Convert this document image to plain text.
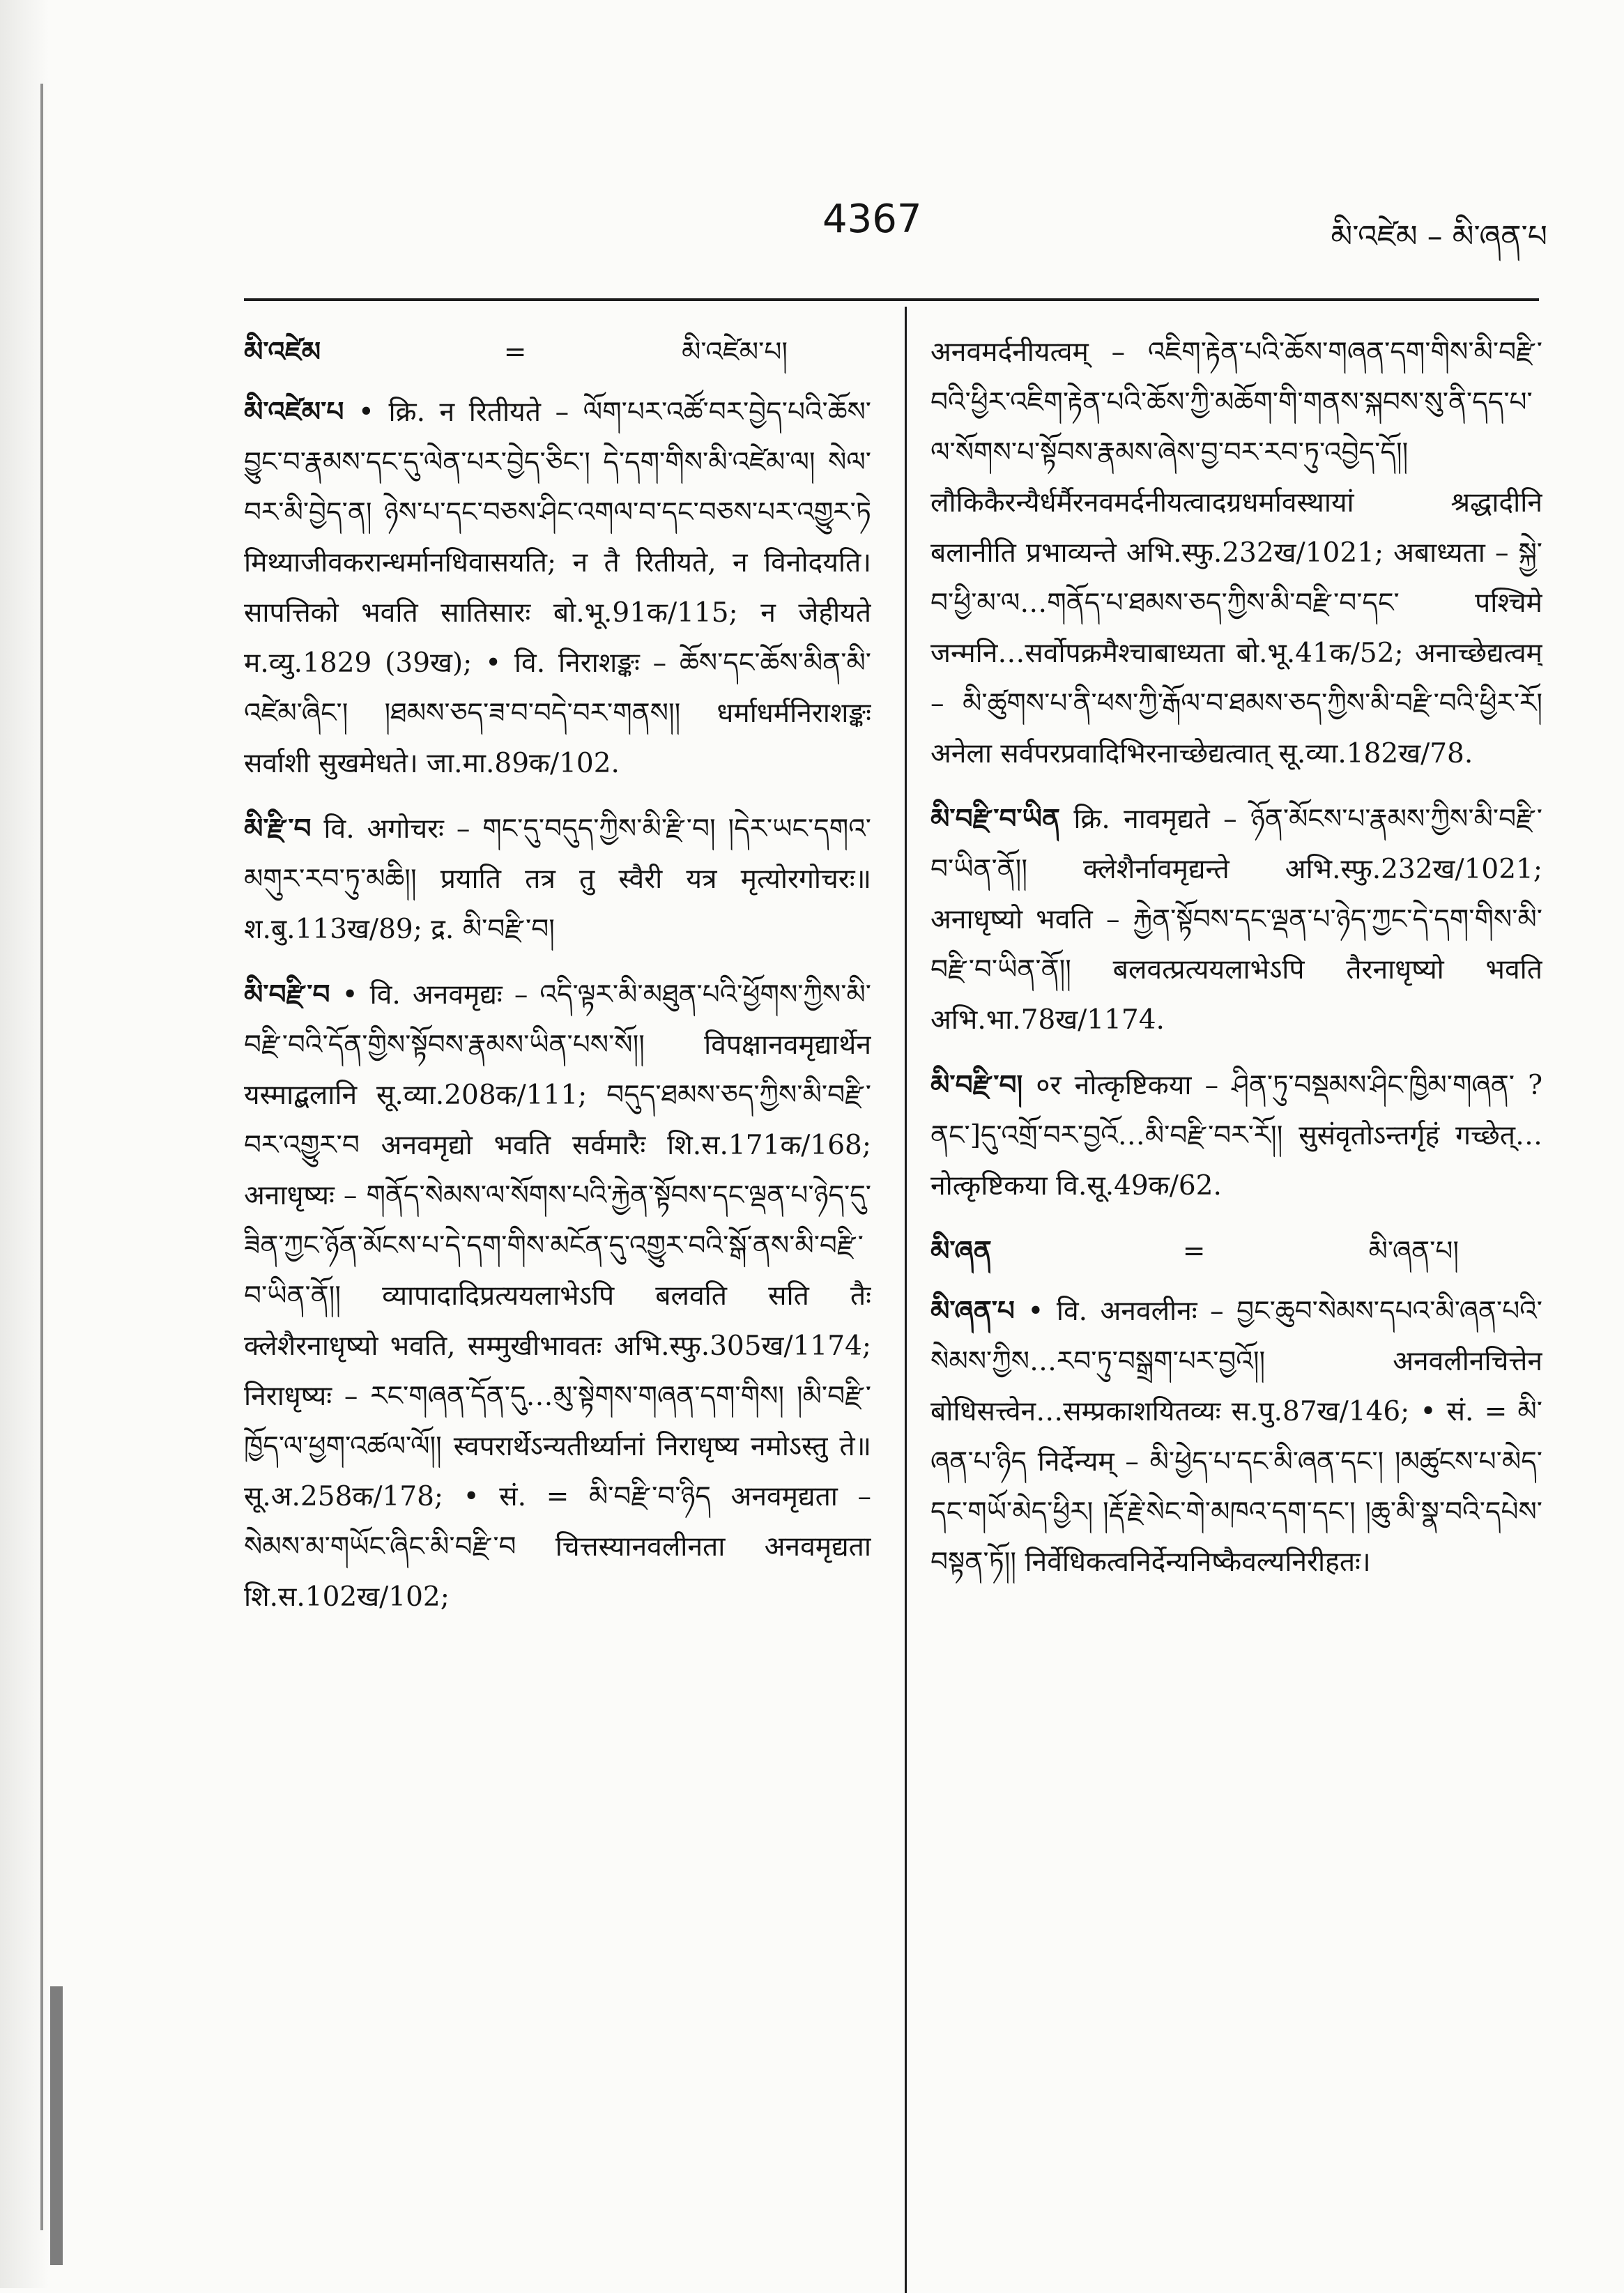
4367	མི་འཛེམ – མི་ཞན་པ
མི་འཛེམ	=	མི་འཛེམ་པ།

མི་འཛེམ་པ • क्रि. न रितीयते – ལོག་པར་འཚོ་བར་བྱེད་པའི་ཆོས་བྱུང་བ་རྣམས་དང་དུ་ལེན་པར་བྱེད་ཅིང་། དེ་དག་གིས་མི་འཛེམ་ལ། སེལ་བར་མི་བྱེད་ན། ཉེས་པ་དང་བཅས་ཤིང་འགལ་བ་དང་བཅས་པར་འགྱུར་ཏེ मिथ्याजीवकरान्धर्मानधिवासयति; न तै रितीयते, न विनोदयति। सापत्तिको भवति सातिसारः बो.भू.91क/115; न जेहीयते म.व्यु.1829 (39ख); • वि. निराशङ्कः – ཆོས་དང་ཆོས་མིན་མི་འཛེམ་ཞིང་། །ཐམས་ཅད་ཟ་བ་བདེ་བར་གནས།། धर्माधर्मनिराशङ्कः सर्वाशी सुखमेधते। जा.मा.89क/102.

མི་རྫི་བ वि. अगोचरः – གང་དུ་བདུད་ཀྱིས་མི་རྫི་བ། །དེར་ཡང་དགའ་མགུར་རབ་ཏུ་མཆི།། प्रयाति तत्र तु स्वैरी यत्र मृत्योरगोचरः॥ श.बु.113ख/89; द्र. མི་བརྫི་བ།

མི་བརྫི་བ • वि. अनवमृद्यः – འདི་ལྟར་མི་མཐུན་པའི་ཕྱོགས་ཀྱིས་མི་བརྫི་བའི་དོན་གྱིས་སྟོབས་རྣམས་ཡིན་པས་སོ།། विपक्षानवमृद्यार्थेन यस्माद्बलानि सू.व्या.208क/111; བདུད་ཐམས་ཅད་ཀྱིས་མི་བརྫི་བར་འགྱུར་བ अनवमृद्यो भवति सर्वमारैः शि.स.171क/168; अनाधृष्यः – གནོད་སེམས་ལ་སོགས་པའི་རྐྱེན་སྟོབས་དང་ལྡན་པ་ཉེད་དུ་ཟིན་ཀྱང་ཉོན་མོངས་པ་དེ་དག་གིས་མངོན་དུ་འགྱུར་བའི་སྒོ་ནས་མི་བརྫི་བ་ཡིན་ནོ།། व्यापादादिप्रत्ययलाभेऽपि बलवति सति तैः क्लेशैरनाधृष्यो भवति, सम्मुखीभावतः अभि.स्फु.305ख/1174; निराधृष्यः – རང་གཞན་དོན་དུ…མུ་སྟེགས་གཞན་དག་གིས། །མི་བརྫི་ཁྱོད་ལ་ཕྱག་འཚལ་ལོ།། स्वपरार्थेऽन्यतीर्थ्यानां निराधृष्य नमोऽस्तु ते॥ सू.अ.258क/178; • सं. = མི་བརྫི་བ་ཉིད अनवमृद्यता – སེམས་མ་གཡོང་ཞིང་མི་བརྫི་བ चित्तस्यानवलीनता अनवमृद्यता शि.स.102ख/102;

अनवमर्दनीयत्वम् – འཇིག་རྟེན་པའི་ཆོས་གཞན་དག་གིས་མི་བརྫི་བའི་ཕྱིར་འཇིག་རྟེན་པའི་ཆོས་ཀྱི་མཆོག་གི་གནས་སྐབས་སུ་ནི་དད་པ་ལ་སོགས་པ་སྟོབས་རྣམས་ཞེས་བྱ་བར་རབ་ཏུ་འབྱེད་དོ།། लौकिकैरन्यैर्धर्मैरनवमर्दनीयत्वादग्रधर्मावस्थायां श्रद्धादीनि बलानीति प्रभाव्यन्ते अभि.स्फु.232ख/1021; अबाध्यता – སྐྱེ་བ་ཕྱི་མ་ལ…གནོད་པ་ཐམས་ཅད་ཀྱིས་མི་བརྫི་བ་དང་ पश्चिमे जन्मनि…सर्वोपक्रमैश्चाबाध्यता बो.भू.41क/52; अनाच्छेद्यत्वम् – མི་ཚུགས་པ་ནི་ཕས་ཀྱི་རྒོལ་བ་ཐམས་ཅད་ཀྱིས་མི་བརྫི་བའི་ཕྱིར་རོ། अनेला सर्वपरप्रवादिभिरनाच्छेद्यत्वात् सू.व्या.182ख/78.

མི་བརྫི་བ་ཡིན क्रि. नावमृद्यते – ཉོན་མོངས་པ་རྣམས་ཀྱིས་མི་བརྫི་བ་ཡིན་ནོ།། क्लेशैर्नावमृद्यन्ते अभि.स्फु.232ख/1021; अनाधृष्यो भवति – རྐྱེན་སྟོབས་དང་ལྡན་པ་ཉེད་ཀྱང་དེ་དག་གིས་མི་བརྫི་བ་ཡིན་ནོ།། बलवत्प्रत्ययलाभेऽपि तैरनाधृष्यो भवति अभि.भा.78ख/1174.

མི་བརྫི་བ། ०र नोत्कृष्टिकया – ཤིན་ཏུ་བསྡམས་ཤིང་ཁྱིམ་གཞན་ ? ནང་]དུ་འགྲོ་བར་བྱའོ…མི་བརྫི་བར་རོ།། सुसंवृतोऽन्तर्गृहं गच्छेत्…नोत्कृष्टिकया वि.सू.49क/62.

མི་ཞན	=	མི་ཞན་པ།

མི་ཞན་པ • वि. अनवलीनः – བྱང་ཆུབ་སེམས་དཔའ་མི་ཞན་པའི་སེམས་ཀྱིས…རབ་ཏུ་བསྒྲག་པར་བྱའོ།། अनवलीनचित्तेन बोधिसत्त्वेन…सम्प्रकाशयितव्यः स.पु.87ख/146; • सं. = མི་ཞན་པ་ཉིད निर्देन्यम् – མི་ཕྱེད་པ་དང་མི་ཞན་དང་། །མཚུངས་པ་མེད་དང་གཡོ་མེད་ཕྱིར། །རྡོ་རྗེ་སེང་གེ་མཁའ་དག་དང་། །ཆུ་མི་སྣ་བའི་དཔེས་བསྟན་ཏོ།། निर्वेधिकत्वनिर्देन्यनिष्कैवल्यनिरीहतः।
